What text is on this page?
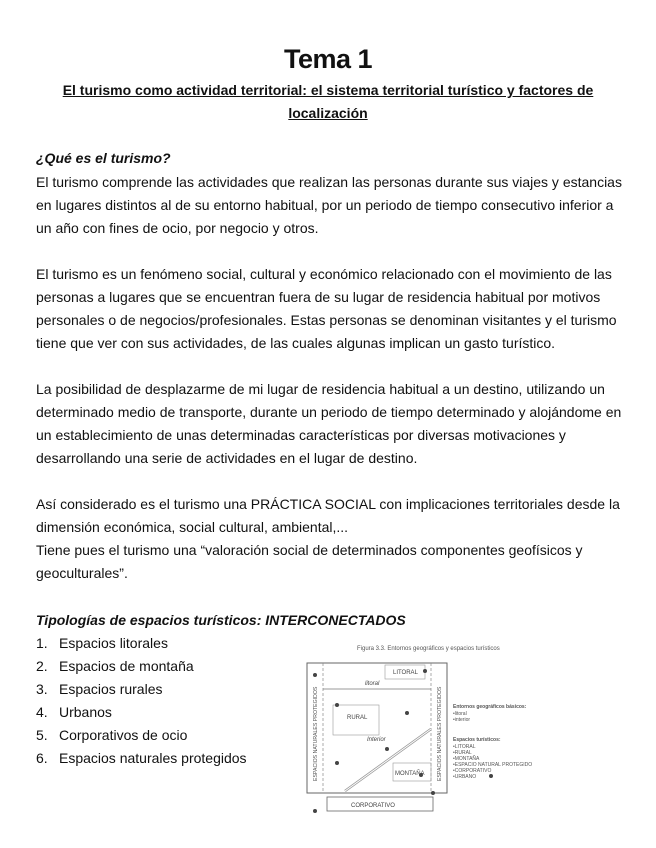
Tema 1
El turismo como actividad territorial: el sistema territorial turístico y factores de localización
¿Qué es el turismo?
El turismo comprende las actividades que realizan las personas durante sus viajes y estancias en lugares distintos al de su entorno habitual, por un periodo de tiempo consecutivo inferior a un año con fines de ocio, por negocio y otros.
El turismo es un fenómeno social, cultural y económico relacionado con el movimiento de las personas a lugares que se encuentran fuera de su lugar de residencia habitual por motivos personales o de negocios/profesionales. Estas personas se denominan visitantes y el turismo tiene que ver con sus actividades, de las cuales algunas implican un gasto turístico.
La posibilidad de desplazarme de mi lugar de residencia habitual a un destino, utilizando un determinado medio de transporte, durante un periodo de tiempo determinado y alojándome en un establecimiento de unas determinadas características por diversas motivaciones y desarrollando una serie de actividades en el lugar de destino.
Así considerado es el turismo una PRÁCTICA SOCIAL con implicaciones territoriales desde la dimensión económica, social cultural, ambiental,...
Tiene pues el turismo una “valoración social de determinados componentes geofísicos y geoculturales”.
Tipologías de espacios turísticos: INTERCONECTADOS
1. Espacios litorales
2. Espacios de montaña
3. Espacios rurales
4. Urbanos
5. Corporativos de ocio
6. Espacios naturales protegidos
Figura 3.3. Entornos geográficos y espacios turísticos
ESPACIOS NATURALES PROTEGIDOS	ESPACIOS NATURALES PROTEGIDOS
LITORAL
litoral
RURAL
Interior
MONTAÑA
CORPORATIVO
Entornos geográficos básicos:
•litoral
•interior
Espacios turísticos:
•LITORAL
•RURAL
•MONTAÑA
•ESPACIO NATURAL PROTEGIDO
•CORPORATIVO
•URBANO
